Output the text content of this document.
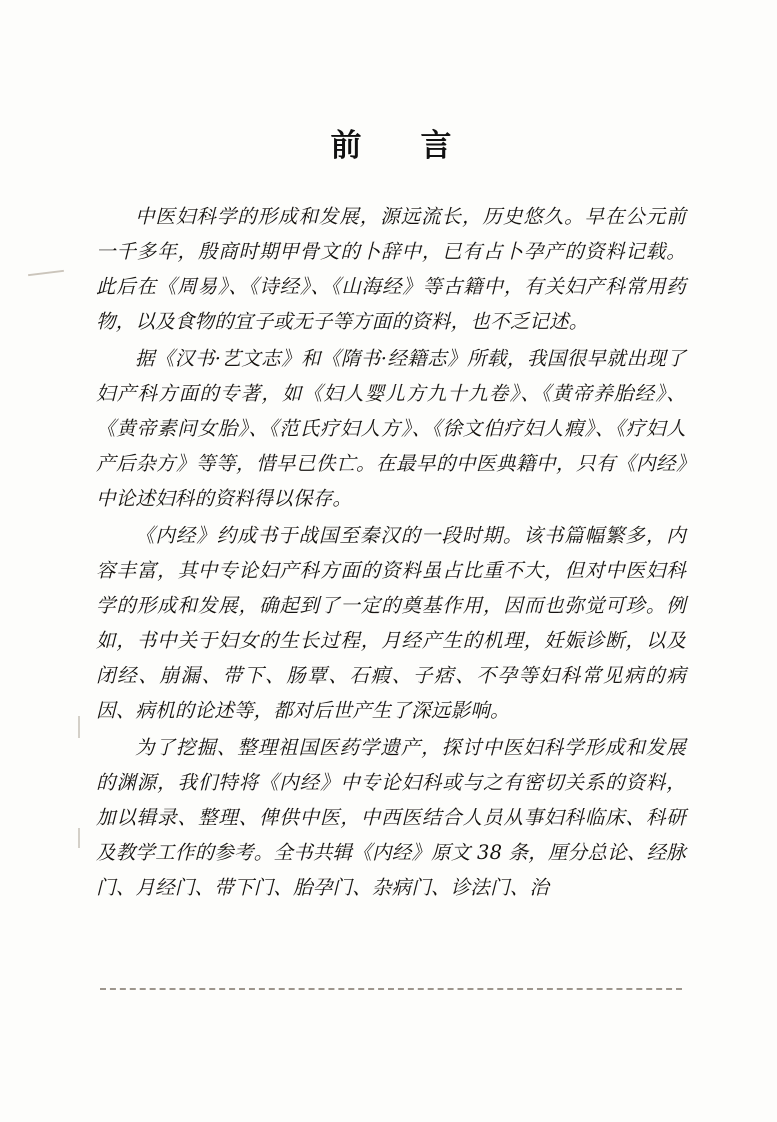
前　言

中医妇科学的形成和发展，源远流长，历史悠久。早在公元前一千多年，殷商时期甲骨文的卜辞中，已有占卜孕产的资料记载。此后在《周易》、《诗经》、《山海经》等古籍中，有关妇产科常用药物，以及食物的宜子或无子等方面的资料，也不乏记述。

据《汉书·艺文志》和《隋书·经籍志》所载，我国很早就出现了妇产科方面的专著，如《妇人婴儿方九十九卷》、《黄帝养胎经》、《黄帝素问女胎》、《范氏疗妇人方》、《徐文伯疗妇人瘕》、《疗妇人产后杂方》等等，惜早已佚亡。在最早的中医典籍中，只有《内经》中论述妇科的资料得以保存。

《内经》约成书于战国至秦汉的一段时期。该书篇幅繁多，内容丰富，其中专论妇产科方面的资料虽占比重不大，但对中医妇科学的形成和发展，确起到了一定的奠基作用，因而也弥觉可珍。例如，书中关于妇女的生长过程，月经产生的机理，妊娠诊断，以及闭经、崩漏、带下、肠覃、石瘕、子痞、不孕等妇科常见病的病因、病机的论述等，都对后世产生了深远影响。

为了挖掘、整理祖国医药学遗产，探讨中医妇科学形成和发展的渊源，我们特将《内经》中专论妇科或与之有密切关系的资料，加以辑录、整理、俾供中医，中西医结合人员从事妇科临床、科研及教学工作的参考。全书共辑《内经》原文 38 条，厘分总论、经脉门、月经门、带下门、胎孕门、杂病门、诊法门、治
